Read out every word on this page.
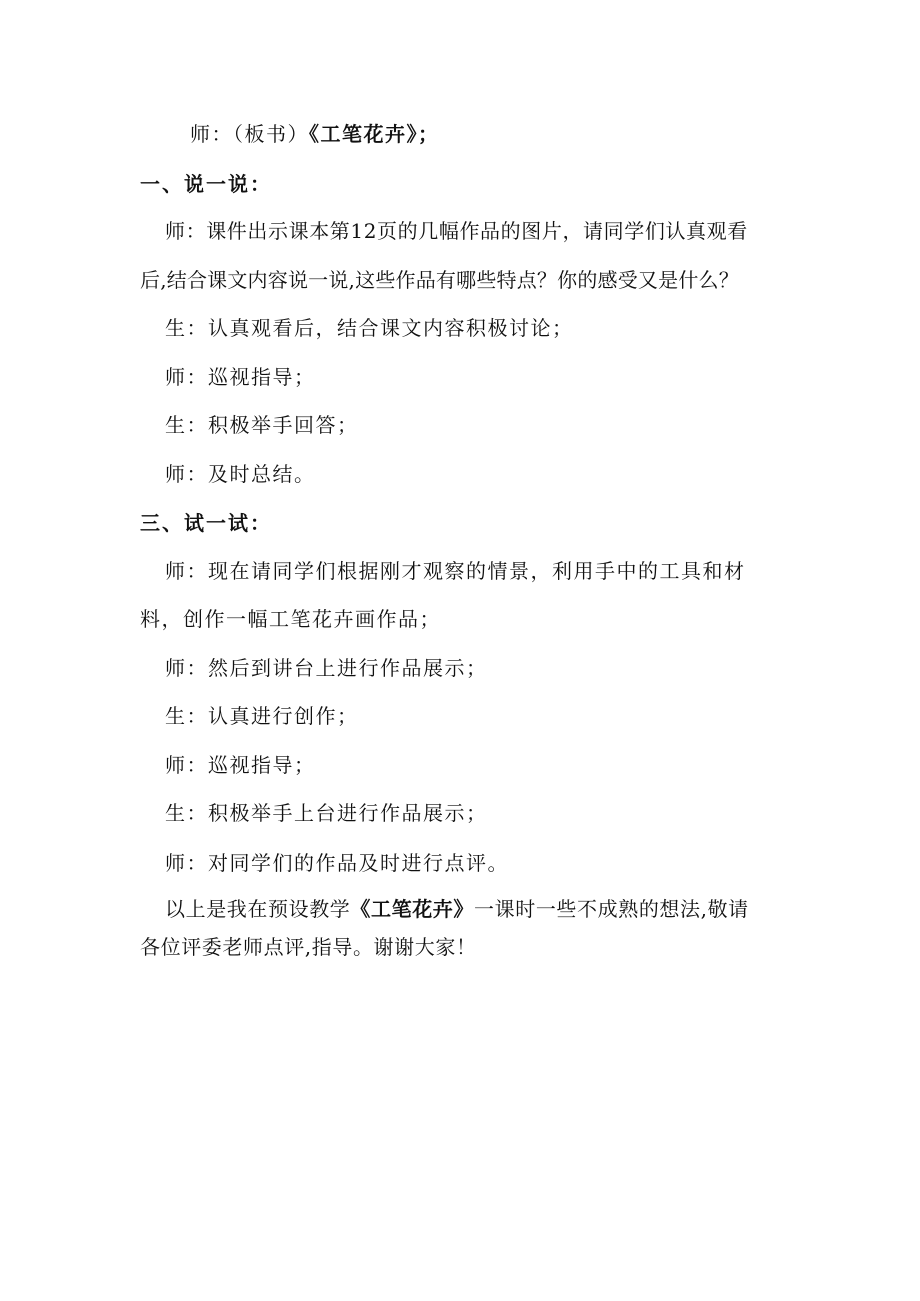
师：（板书）《工笔花卉》；
一、说一说：
师：课件出示课本第12页的几幅作品的图片，请同学们认真观看
后,结合课文内容说一说,这些作品有哪些特点？你的感受又是什么？
生：认真观看后，结合课文内容积极讨论；
师：巡视指导；
生：积极举手回答；
师：及时总结。
三、试一试：
师：现在请同学们根据刚才观察的情景，利用手中的工具和材
料，创作一幅工笔花卉画作品；
师：然后到讲台上进行作品展示；
生：认真进行创作；
师：巡视指导；
生：积极举手上台进行作品展示；
师：对同学们的作品及时进行点评。
以上是我在预设教学《工笔花卉》一课时一些不成熟的想法,敬请
各位评委老师点评,指导。谢谢大家！
